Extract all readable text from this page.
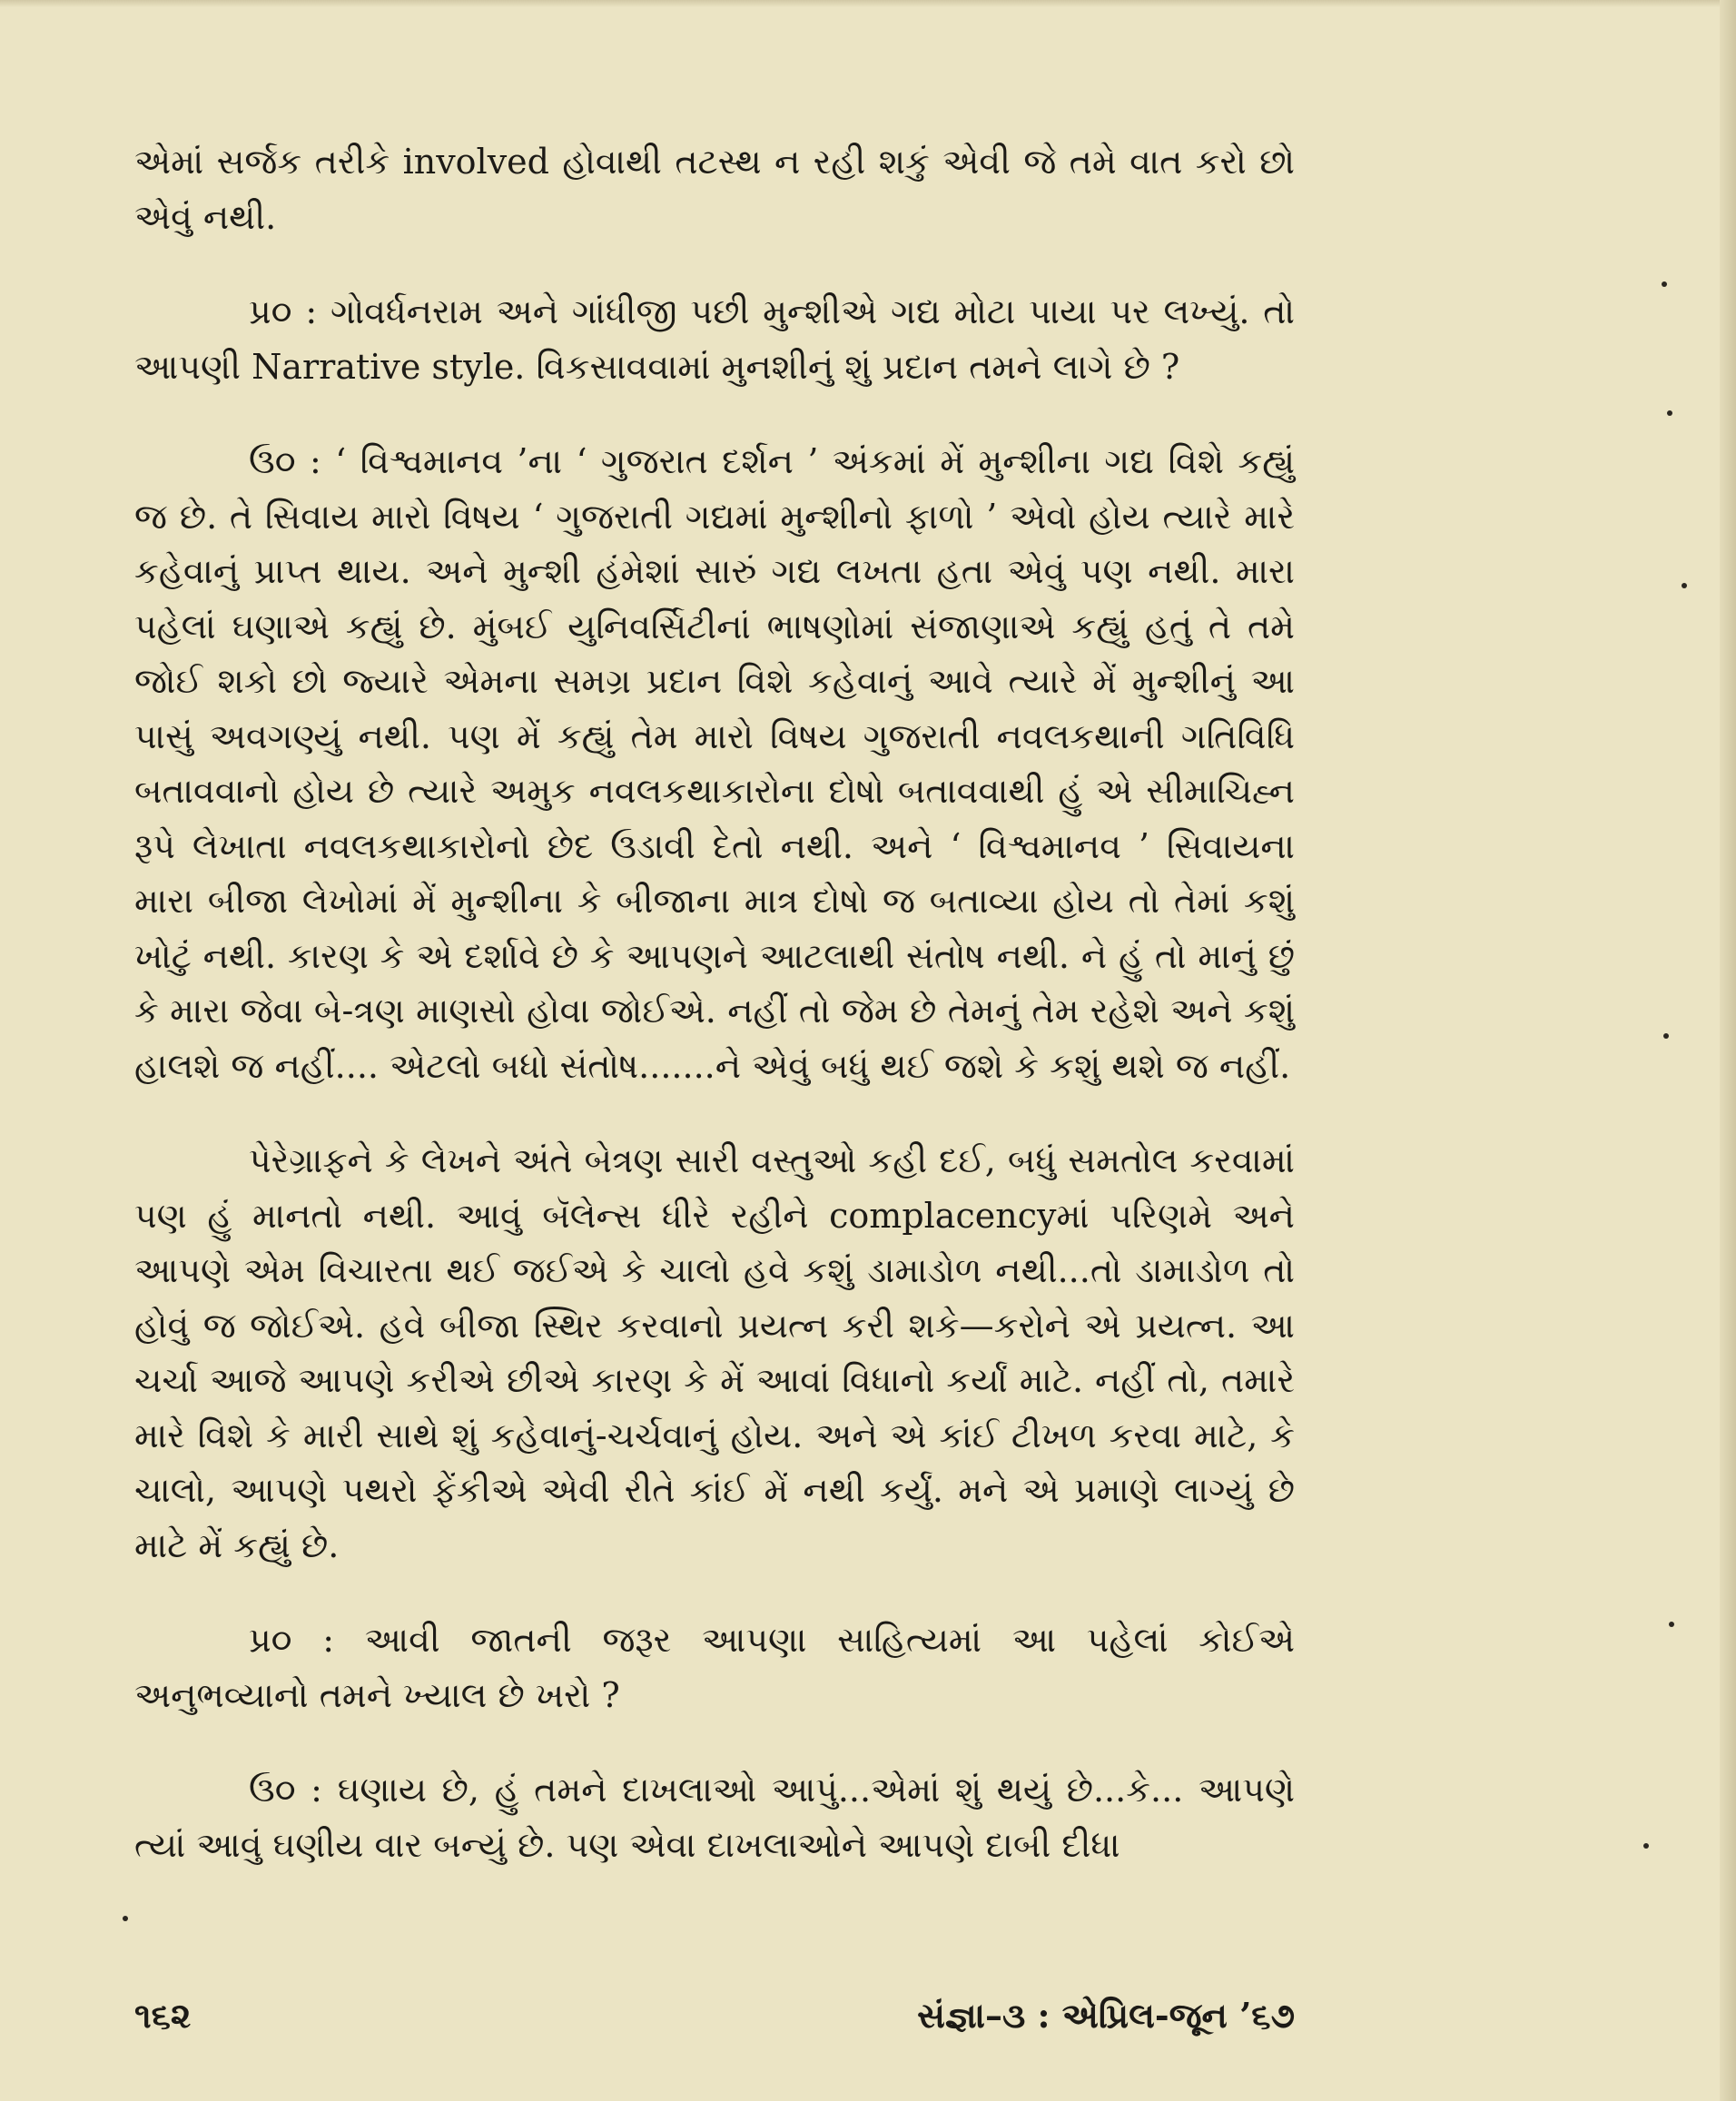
એમાં સર્જક તરીકે involved હોવાથી તટસ્થ ન રહી શકું એવી જે તમે વાત કરો છો એવું નથી.

પ્ર૦ : ગોવર્ધનરામ અને ગાંધીજી પછી મુન્શીએ ગદ્ય મોટા પાયા પર લખ્યું. તો આપણી Narrative style. વિકસાવવામાં મુનશીનું શું પ્રદાન તમને લાગે છે ?

ઉ૦ : ‘ વિશ્વમાનવ ’ના ‘ ગુજરાત દર્શન ’ અંકમાં મેં મુન્શીના ગદ્ય વિશે કહ્યું જ છે. તે સિવાય મારો વિષય ‘ ગુજરાતી ગદ્યમાં મુન્શીનો ફાળો ’ એવો હોય ત્યારે મારે કહેવાનું પ્રાપ્ત થાય. અને મુન્શી હંમેશાં સારું ગદ્ય લખતા હતા એવું પણ નથી. મારા પહેલાં ઘણાએ કહ્યું છે. મુંબઈ યુનિવર્સિટીનાં ભાષણોમાં સંજાણાએ કહ્યું હતું તે તમે જોઈ શકો છો જ્યારે એમના સમગ્ર પ્રદાન વિશે કહેવાનું આવે ત્યારે મેં મુન્શીનું આ પાસું અવગણ્યું નથી. પણ મેં કહ્યું તેમ મારો વિષય ગુજરાતી નવલકથાની ગતિવિધિ બતાવવાનો હોય છે ત્યારે અમુક નવલકથાકારોના દોષો બતાવવાથી હું એ સીમાચિહ્ન રૂપે લેખાતા નવલકથાકારોનો છેદ ઉડાવી દેતો નથી. અને ‘ વિશ્વમાનવ ’ સિવાયના મારા બીજા લેખોમાં મેં મુન્શીના કે બીજાના માત્ર દોષો જ બતાવ્યા હોય તો તેમાં કશું ખોટું નથી. કારણ કે એ દર્શાવે છે કે આપણને આટલાથી સંતોષ નથી. ને હું તો માનું છું કે મારા જેવા બે-ત્રણ માણસો હોવા જોઈએ. નહીં તો જેમ છે તેમનું તેમ રહેશે અને કશું હાલશે જ નહીં.... એટલો બધો સંતોષ.......ને એવું બધું થઈ જશે કે કશું થશે જ નહીં.

પેરેગ્રાફને કે લેખને અંતે બેત્રણ સારી વસ્તુઓ કહી દઈ, બધું સમતોલ કરવામાં પણ હું માનતો નથી. આવું બૅલેન્સ ધીરે રહીને complacencyમાં પરિણમે અને આપણે એમ વિચારતા થઈ જઈએ કે ચાલો હવે કશું ડામાડોળ નથી...તો ડામાડોળ તો હોવું જ જોઈએ. હવે બીજા સ્થિર કરવાનો પ્રયત્ન કરી શકે—કરોને એ પ્રયત્ન. આ ચર્ચા આજે આપણે કરીએ છીએ કારણ કે મેં આવાં વિધાનો કર્યાં માટે. નહીં તો, તમારે મારે વિશે કે મારી સાથે શું કહેવાનું-ચર્ચવાનું હોય. અને એ કાંઈ ટીખળ કરવા માટે, કે ચાલો, આપણે પથરો ફેંકીએ એવી રીતે કાંઈ મેં નથી કર્યું. મને એ પ્રમાણે લાગ્યું છે માટે મેં કહ્યું છે.

પ્ર૦ : આવી જાતની જરૂર આપણા સાહિત્યમાં આ પહેલાં કોઈએ અનુભવ્યાનો તમને ખ્યાલ છે ખરો ?

ઉ૦ : ઘણાય છે, હું તમને દાખલાઓ આપું...એમાં શું થયું છે...કે... આપણે ત્યાં આવું ઘણીય વાર બન્યું છે. પણ એવા દાખલાઓને આપણે દાબી દીધા

૧૬૨	સંજ્ઞા–૩ : એપ્રિલ-જૂન ’૬૭
